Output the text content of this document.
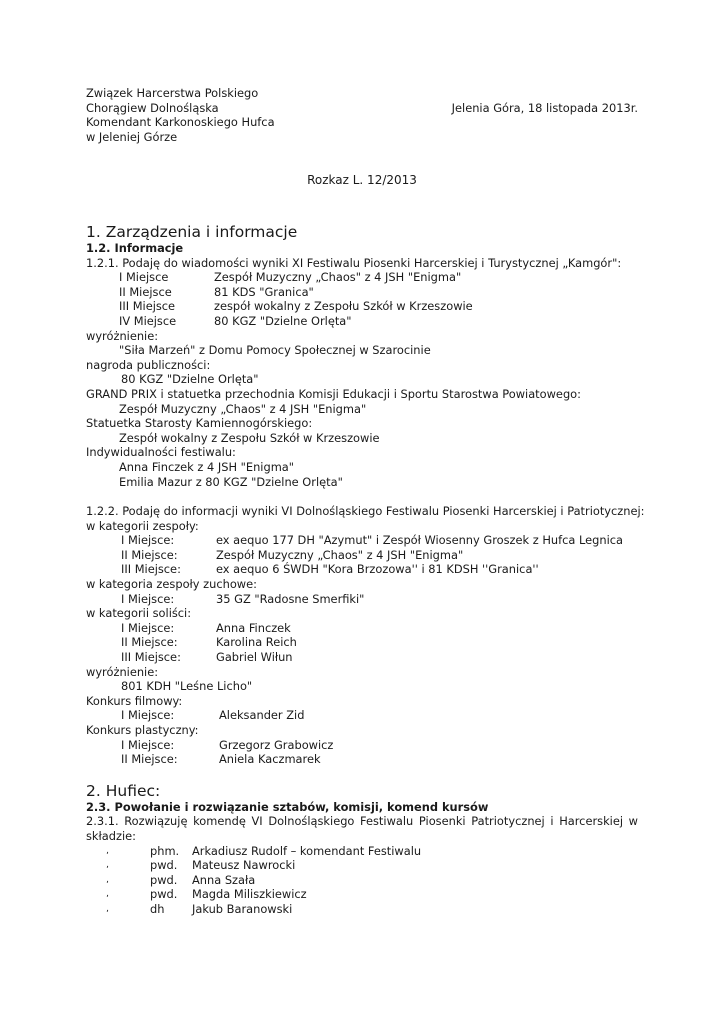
Związek Harcerstwa Polskiego
Chorągiew Dolnośląska
Komendant Karkonoskiego Hufca
w Jeleniej Górze
Jelenia Góra, 18 listopada 2013r.
Rozkaz L. 12/2013
1. Zarządzenia i informacje
1.2. Informacje
1.2.1. Podaję do wiadomości wyniki XI Festiwalu Piosenki Harcerskiej i Turystycznej „Kamgór":
I Miejsce	Zespół Muzyczny „Chaos" z 4 JSH "Enigma"
II Miejsce	81 KDS "Granica"
III Miejsce	zespół wokalny z Zespołu Szkół w Krzeszowie
IV Miejsce	80 KGZ "Dzielne Orlęta"
wyróżnienie:
"Siła Marzeń" z Domu Pomocy Społecznej w Szarocinie
nagroda publiczności:
80 KGZ "Dzielne Orlęta"
GRAND PRIX i statuetka przechodnia Komisji Edukacji i Sportu Starostwa Powiatowego:
Zespół Muzyczny „Chaos" z 4 JSH "Enigma"
Statuetka Starosty Kamiennogórskiego:
Zespół wokalny z Zespołu Szkół w Krzeszowie
Indywidualności festiwalu:
Anna Finczek z 4 JSH "Enigma"
Emilia Mazur z 80 KGZ "Dzielne Orlęta"
1.2.2. Podaję do informacji wyniki VI Dolnośląskiego Festiwalu Piosenki Harcerskiej i Patriotycznej:
w kategorii zespoły:
I Miejsce:	ex aequo 177 DH "Azymut" i Zespół Wiosenny Groszek z Hufca Legnica
II Miejsce:	Zespół Muzyczny „Chaos" z 4 JSH "Enigma"
III Miejsce:	ex aequo 6 ŚWDH "Kora Brzozowa'' i 81 KDSH ''Granica''
w kategoria zespoły zuchowe:
I Miejsce:	35 GZ "Radosne Smerfiki"
w kategorii soliści:
I Miejsce:	Anna Finczek
II Miejsce:	Karolina Reich
III Miejsce:	Gabriel Wiłun
wyróżnienie:
801 KDH "Leśne Licho"
Konkurs filmowy:
I Miejsce:	Aleksander Zid
Konkurs plastyczny:
I Miejsce:	Grzegorz Grabowicz
II Miejsce:	Aniela Kaczmarek
2. Hufiec:
2.3. Powołanie i rozwiązanie sztabów, komisji, komend kursów
2.3.1. Rozwiązuję komendę VI Dolnośląskiego Festiwalu Piosenki Patriotycznej i Harcerskiej w składzie:
‚	phm.	Arkadiusz Rudolf – komendant Festiwalu
‚	pwd.	Mateusz Nawrocki
‚	pwd.	Anna Szała
‚	pwd.	Magda Miliszkiewicz
‚	dh	Jakub Baranowski
